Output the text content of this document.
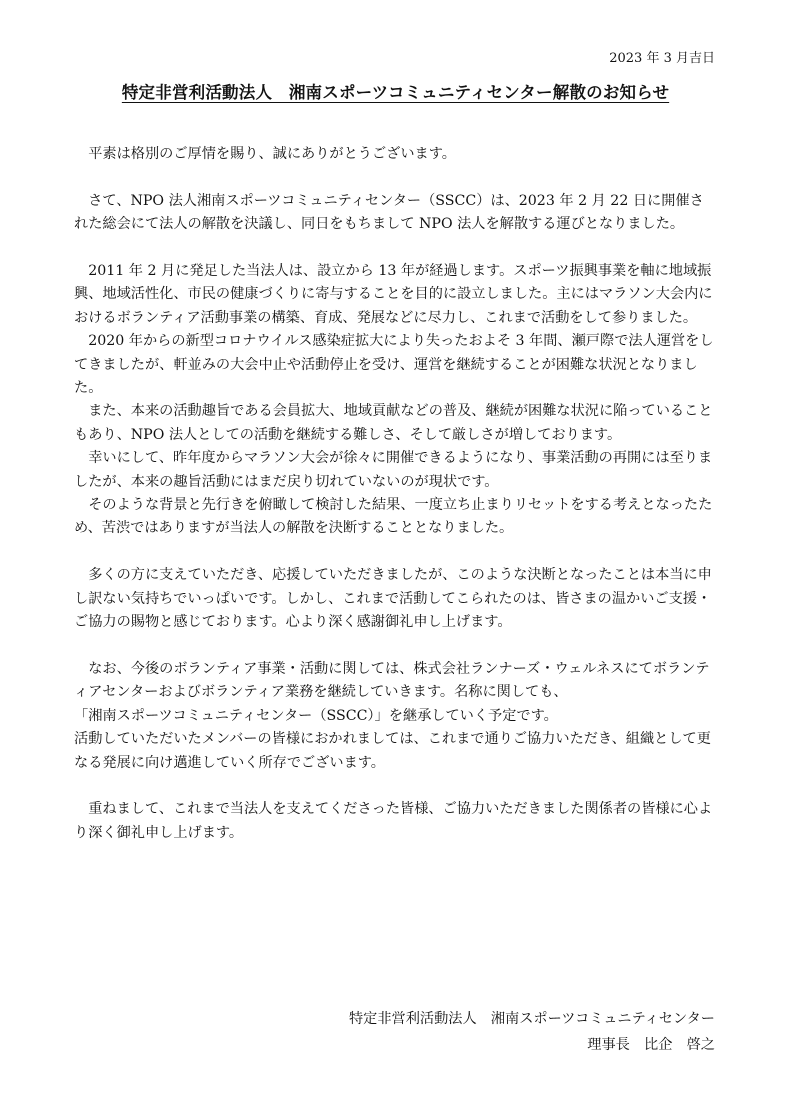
2023 年 3 月吉日
特定非営利活動法人　湘南スポーツコミュニティセンター解散のお知らせ

平素は格別のご厚情を賜り、誠にありがとうございます。

さて、NPO 法人湘南スポーツコミュニティセンター（SSCC）は、2023 年 2 月 22 日に開催された総会にて法人の解散を決議し、同日をもちまして NPO 法人を解散する運びとなりました。

2011 年 2 月に発足した当法人は、設立から 13 年が経過します。スポーツ振興事業を軸に地域振興、地域活性化、市民の健康づくりに寄与することを目的に設立しました。主にはマラソン大会内におけるボランティア活動事業の構築、育成、発展などに尽力し、これまで活動をして参りました。

2020 年からの新型コロナウイルス感染症拡大により失ったおよそ 3 年間、瀬戸際で法人運営をしてきましたが、軒並みの大会中止や活動停止を受け、運営を継続することが困難な状況となりました。

また、本来の活動趣旨である会員拡大、地域貢献などの普及、継続が困難な状況に陥っていることもあり、NPO 法人としての活動を継続する難しさ、そして厳しさが増しております。

幸いにして、昨年度からマラソン大会が徐々に開催できるようになり、事業活動の再開には至りましたが、本来の趣旨活動にはまだ戻り切れていないのが現状です。

そのような背景と先行きを俯瞰して検討した結果、一度立ち止まりリセットをする考えとなったため、苦渋ではありますが当法人の解散を決断することとなりました。

多くの方に支えていただき、応援していただきましたが、このような決断となったことは本当に申し訳ない気持ちでいっぱいです。しかし、これまで活動してこられたのは、皆さまの温かいご支援・ご協力の賜物と感じております。心より深く感謝御礼申し上げます。

なお、今後のボランティア事業・活動に関しては、株式会社ランナーズ・ウェルネスにてボランティアセンターおよびボランティア業務を継続していきます。名称に関しても、

「湘南スポーツコミュニティセンター（SSCC）」を継承していく予定です。

活動していただいたメンバーの皆様におかれましては、これまで通りご協力いただき、組織として更なる発展に向け邁進していく所存でございます。

重ねまして、これまで当法人を支えてくださった皆様、ご協力いただきました関係者の皆様に心より深く御礼申し上げます。

特定非営利活動法人　湘南スポーツコミュニティセンター
理事長　比企　啓之
